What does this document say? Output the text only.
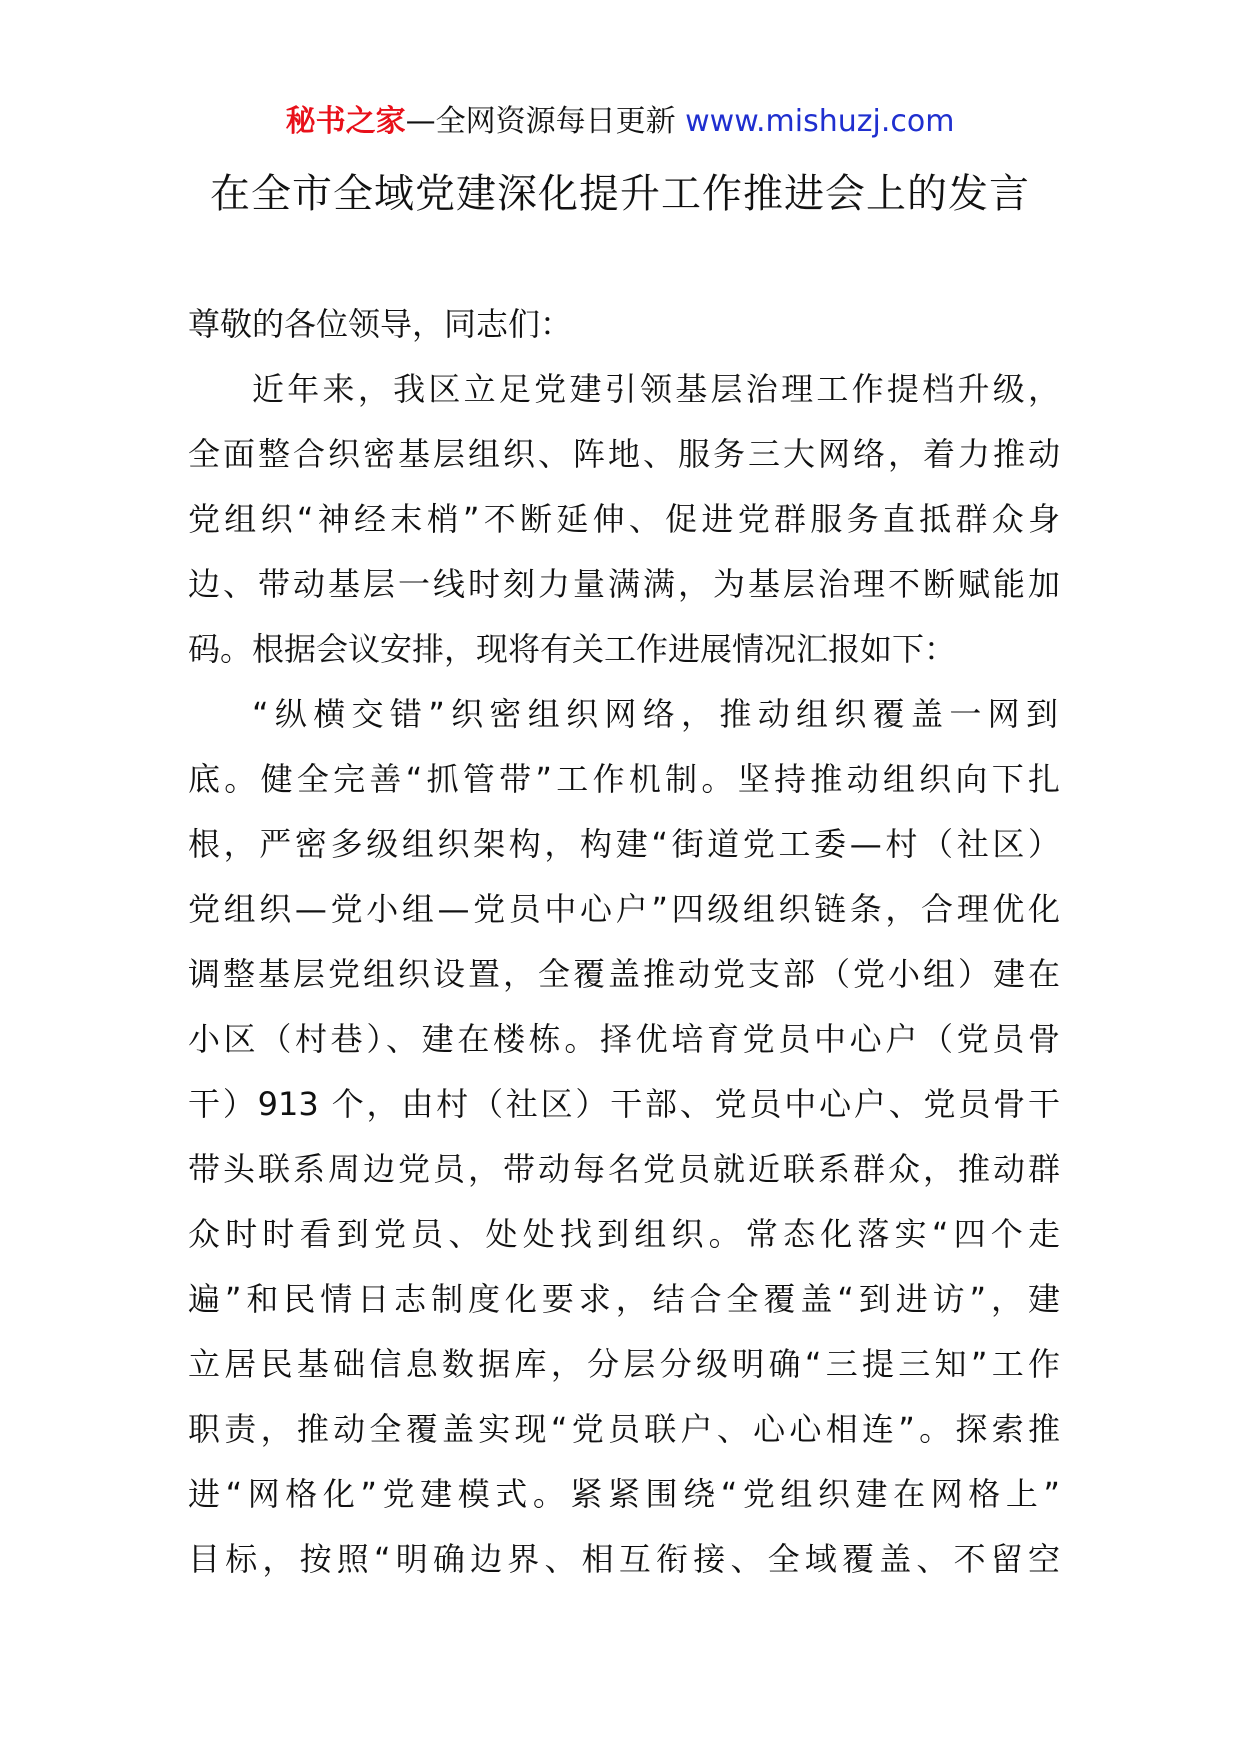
秘书之家—全网资源每日更新 www.mishuzj.com
在全市全域党建深化提升工作推进会上的发言
尊敬的各位领导，同志们：
近年来，我区立足党建引领基层治理工作提档升级，
全面整合织密基层组织、阵地、服务三大网络，着力推动
党组织“神经末梢”不断延伸、促进党群服务直抵群众身
边、带动基层一线时刻力量满满，为基层治理不断赋能加
码。根据会议安排，现将有关工作进展情况汇报如下：
“纵横交错”织密组织网络，推动组织覆盖一网到
底。健全完善“抓管带”工作机制。坚持推动组织向下扎
根，严密多级组织架构，构建“街道党工委—村（社区）
党组织—党小组—党员中心户”四级组织链条，合理优化
调整基层党组织设置，全覆盖推动党支部（党小组）建在
小区（村巷）、建在楼栋。择优培育党员中心户（党员骨
干）913 个，由村（社区）干部、党员中心户、党员骨干
带头联系周边党员，带动每名党员就近联系群众，推动群
众时时看到党员、处处找到组织。常态化落实“四个走
遍”和民情日志制度化要求，结合全覆盖“到进访”，建
立居民基础信息数据库，分层分级明确“三提三知”工作
职责，推动全覆盖实现“党员联户、心心相连”。探索推
进“网格化”党建模式。紧紧围绕“党组织建在网格上”
目标，按照“明确边界、相互衔接、全域覆盖、不留空
